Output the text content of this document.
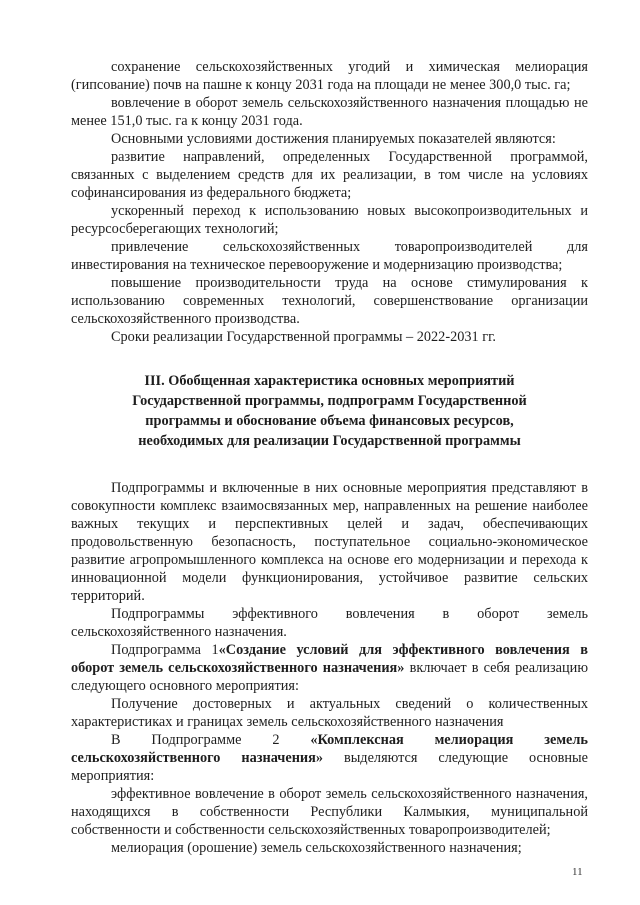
сохранение сельскохозяйственных угодий и химическая мелиорация (гипсование) почв на пашне к концу 2031 года на площади не менее 300,0 тыс. га;

вовлечение в оборот земель сельскохозяйственного назначения площадью не менее 151,0 тыс. га к концу 2031 года.

Основными условиями достижения планируемых показателей являются:

развитие направлений, определенных Государственной программой, связанных с выделением средств для их реализации, в том числе на условиях софинансирования из федерального бюджета;

ускоренный переход к использованию новых высокопроизводительных и ресурсосберегающих технологий;

привлечение сельскохозяйственных товаропроизводителей для инвестирования на техническое перевооружение и модернизацию производства;

повышение производительности труда на основе стимулирования к использованию современных технологий, совершенствование организации сельскохозяйственного производства.

Сроки реализации Государственной программы – 2022-2031 гг.

III. Обобщенная характеристика основных мероприятий
Государственной программы, подпрограмм Государственной
программы и обоснование объема финансовых ресурсов,
необходимых для реализации Государственной программы

Подпрограммы и включенные в них основные мероприятия представляют в совокупности комплекс взаимосвязанных мер, направленных на решение наиболее важных текущих и перспективных целей и задач, обеспечивающих продовольственную безопасность, поступательное социально-экономическое развитие агропромышленного комплекса на основе его модернизации и перехода к инновационной модели функционирования, устойчивое развитие сельских территорий.

Подпрограммы эффективного вовлечения в оборот земель сельскохозяйственного назначения.

Подпрограмма 1«Создание условий для эффективного вовлечения в оборот земель сельскохозяйственного назначения» включает в себя реализацию следующего основного мероприятия:

Получение достоверных и актуальных сведений о количественных характеристиках и границах земель сельскохозяйственного назначения

В Подпрограмме 2 «Комплексная мелиорация земель сельскохозяйственного назначения» выделяются следующие основные мероприятия:

эффективное вовлечение в оборот земель сельскохозяйственного назначения, находящихся в собственности Республики Калмыкия, муниципальной собственности и собственности сельскохозяйственных товаропроизводителей;

мелиорация (орошение) земель сельскохозяйственного назначения;

11
